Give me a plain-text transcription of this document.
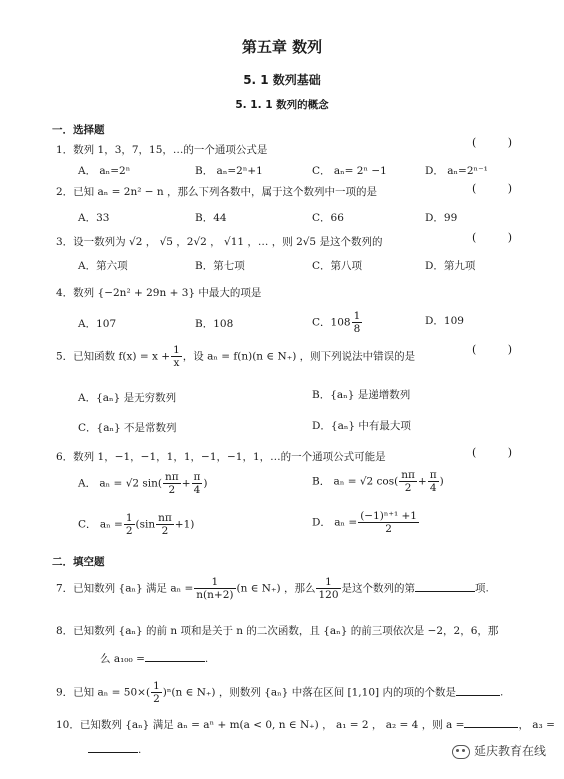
第五章 数列
5. 1 数列基础
5. 1. 1 数列的概念
一．选择题
1．数列 1，3，7，15，…的一个通项公式是
( )
A． aₙ=2ⁿ	B． aₙ=2ⁿ+1	C． aₙ= 2ⁿ −1	D． aₙ=2ⁿ⁻¹
2．已知 aₙ = 2n² − n ，那么下列各数中，属于这个数列中一项的是	( )
A．33	B．44	C．66	D．99
3．设一数列为 √2 ， √5 ，2√2 ， √11 ，… ，则 2√5 是这个数列的	( )
A．第六项	B．第七项	C．第八项	D．第九项
4．数列 {−2n² + 29n + 3} 中最大的项是
A．107	B．108	C．$108 \frac{1}{8}$	D．109
5．已知函数 $f(x) = x + \frac{1}{x}$ ，设 aₙ = f(n)(n ∈ N₊) ，则下列说法中错误的是
( )
A．{aₙ} 是无穷数列	B．{aₙ} 是递增数列
C．{aₙ} 不是常数列	D．{aₙ} 中有最大项
6．数列 1，−1，−1，1，1，−1，−1，1，…的一个通项公式可能是	( )
A． aₙ = √2 $\sin( \frac{n\pi}{2} + \frac{\pi}{4}$ )	B． aₙ = √2 $\cos( \frac{n\pi}{2} + \frac{\pi}{4}$ )
C． $a_n = \frac{1}{2} (\sin \frac{n\pi}{2} +1)$	D． $a_n = \frac{\text{(−1)ⁿ⁺¹ +1}}{2}$
二．填空题
7．已知数列 {aₙ} 满足 $a_n = \frac{1}{n(n+2)} (n$ ∈ N₊) ，那么 $\frac{1}{120}$ 是这个数列的第	项.
8．已知数列 {aₙ} 的前 n 项和是关于 n 的二次函数，且 {aₙ} 的前三项依次是 −2，2，6，那
么 a₁₀₀ =	.
9．已知 $a_n = 50\times( \frac{1}{2} )^n(n$ ∈ N₊) ，则数列 {aₙ} 中落在区间 [1,10] 内的项的个数是	.
10．已知数列 {aₙ} 满足 aₙ = aⁿ + m(a < 0, n ∈ N₊) ， a₁ = 2 ， a₂ = 4 ，则 a =	， a₃ =
.	延庆教育在线
